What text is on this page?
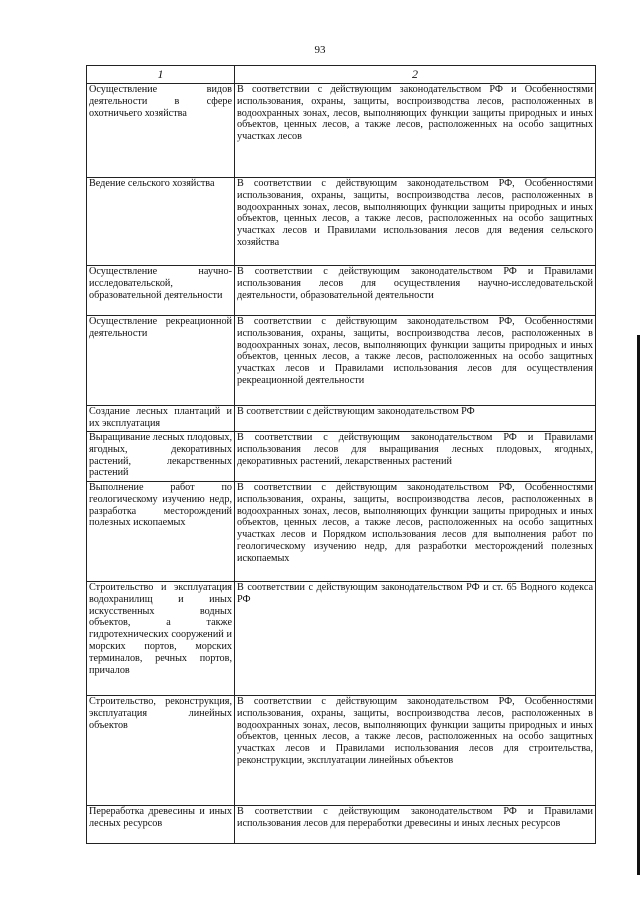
93
1	2
Осуществление видов деятельности в сфере охотничьего хозяйства	В соответствии с действующим законодательством РФ и Особенностями использования, охраны, защиты, воспроизводства лесов, расположенных в водоохранных зонах, лесов, выполняющих функции защиты природных и иных объектов, ценных лесов, а также лесов, расположенных на особо защитных участках лесов
Ведение сельского хозяйства	В соответствии с действующим законодательством РФ, Особенностями использования, охраны, защиты, воспроизводства лесов, расположенных в водоохранных зонах, лесов, выполняющих функции защиты природных и иных объектов, ценных лесов, а также лесов, расположенных на особо защитных участках лесов и Правилами использования лесов для ведения сельского хозяйства
Осуществление научно-исследовательской, образовательной деятельности	В соответствии с действующим законодательством РФ и Правилами использования лесов для осуществления научно-исследовательской деятельности, образовательной деятельности
Осуществление рекреационной деятельности	В соответствии с действующим законодательством РФ, Особенностями использования, охраны, защиты, воспроизводства лесов, расположенных в водоохранных зонах, лесов, выполняющих функции защиты природных и иных объектов, ценных лесов, а также лесов, расположенных на особо защитных участках лесов и Правилами использования лесов для осуществления рекреационной деятельности
Создание лесных плантаций и их эксплуатация	В соответствии с действующим законодательством РФ
Выращивание лесных плодовых, ягодных, декоративных растений, лекарственных растений	В соответствии с действующим законодательством РФ и Правилами использования лесов для выращивания лесных плодовых, ягодных, декоративных растений, лекарственных растений
Выполнение работ по геологическому изучению недр, разработка месторождений полезных ископаемых	В соответствии с действующим законодательством РФ, Особенностями использования, охраны, защиты, воспроизводства лесов, расположенных в водоохранных зонах, лесов, выполняющих функции защиты природных и иных объектов, ценных лесов, а также лесов, расположенных на особо защитных участках лесов и Порядком использования лесов для выполнения работ по геологическому изучению недр, для разработки месторождений полезных ископаемых
Строительство и эксплуатация водохранилищ и иных искусственных водных объектов, а также гидротехнических сооружений и морских портов, морских терминалов, речных портов, причалов	В соответствии с действующим законодательством РФ и ст. 65 Водного кодекса РФ
Строительство, реконструкция, эксплуатация линейных объектов	В соответствии с действующим законодательством РФ, Особенностями использования, охраны, защиты, воспроизводства лесов, расположенных в водоохранных зонах, лесов, выполняющих функции защиты природных и иных объектов, ценных лесов, а также лесов, расположенных на особо защитных участках лесов и Правилами использования лесов для строительства, реконструкции, эксплуатации линейных объектов
Переработка древесины и иных лесных ресурсов	В соответствии с действующим законодательством РФ и Правилами использования лесов для переработки древесины и иных лесных ресурсов
